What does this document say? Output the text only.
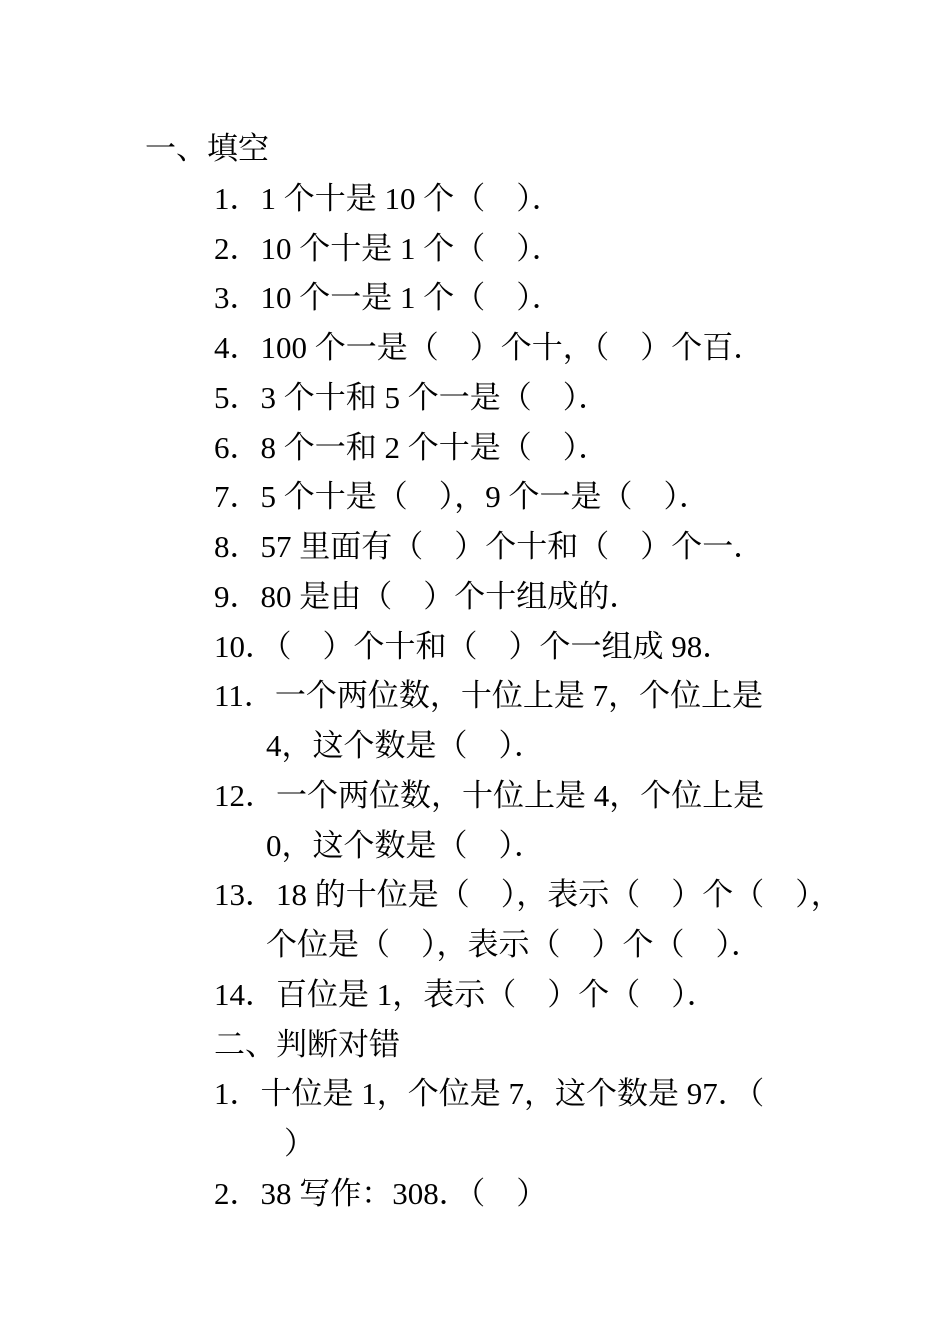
一、填空
1．1 个十是 10 个（    ）．
2．10 个十是 1 个（    ）．
3．10 个一是 1 个（    ）．
4．100 个一是（    ）个十，（    ）个百．
5．3 个十和 5 个一是（    ）．
6．8 个一和 2 个十是（    ）．
7．5 个十是（    ），9 个一是（    ）．
8．57 里面有（    ）个十和（    ）个一．
9．80 是由（    ）个十组成的．
10．（    ）个十和（    ）个一组成 98．
11．一个两位数，十位上是 7，个位上是
4，这个数是（    ）．
12．一个两位数，十位上是 4，个位上是
0，这个数是（    ）．
13．18 的十位是（    ），表示（    ）个（    ），
个位是（    ），表示（    ）个（    ）．
14．百位是 1，表示（    ）个（    ）．
二、判断对错
1．十位是 1，个位是 7，这个数是 97．（
）
2．38 写作：308．（    ）
